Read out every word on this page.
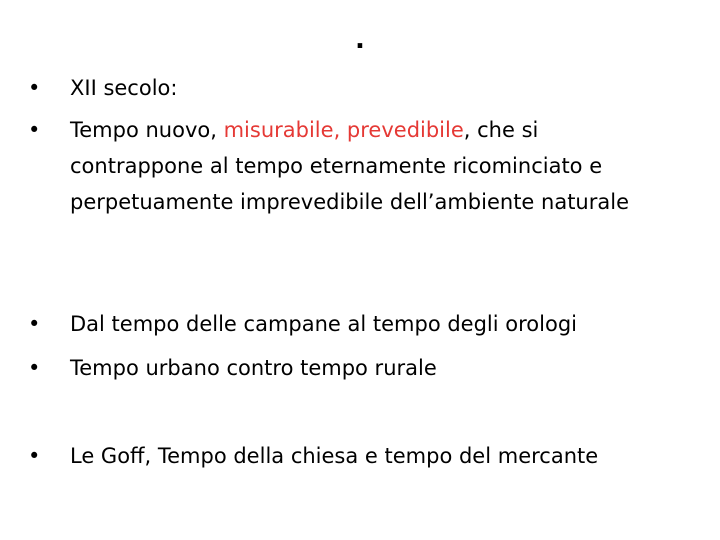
.
•	XII secolo:
•	Tempo nuovo, misurabile, prevedibile, che si contrappone al tempo eternamente ricominciato e perpetuamente imprevedibile dell’ambiente naturale
•	Dal tempo delle campane al tempo degli orologi
•	Tempo urbano contro tempo rurale
•	Le Goff, Tempo della chiesa e tempo del mercante
